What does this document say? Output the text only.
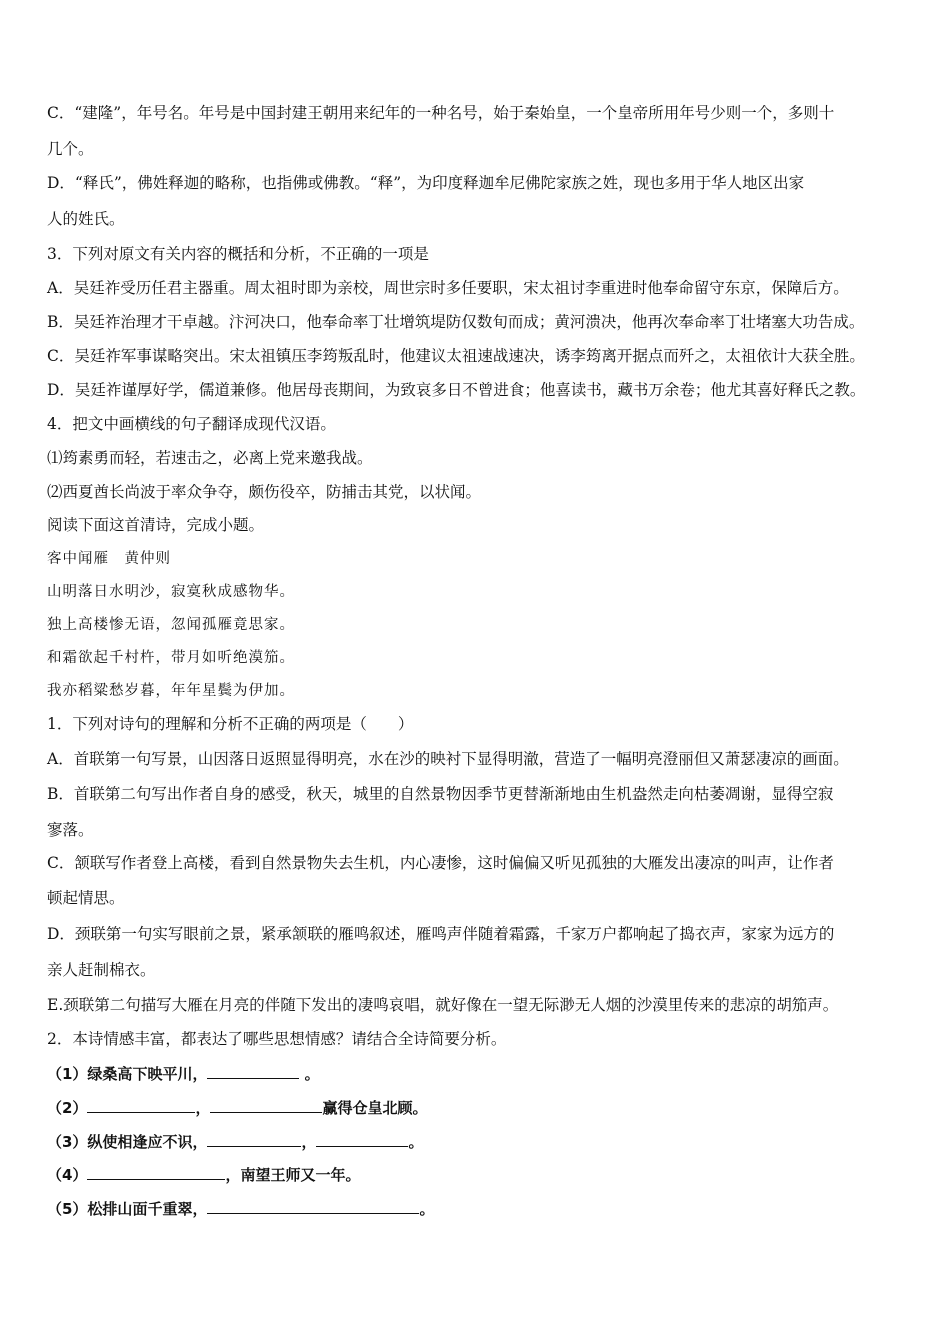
C．“建隆”，年号名。年号是中国封建王朝用来纪年的一种名号，始于秦始皇，一个皇帝所用年号少则一个，多则十
几个。
D．“释氏”，佛姓释迦的略称，也指佛或佛教。“释”，为印度释迦牟尼佛陀家族之姓，现也多用于华人地区出家
人的姓氏。
3．下列对原文有关内容的概括和分析，不正确的一项是
A．吴廷祚受历任君主器重。周太祖时即为亲校，周世宗时多任要职，宋太祖讨李重进时他奉命留守东京，保障后方。
B．吴廷祚治理才干卓越。汴河决口，他奉命率丁壮增筑堤防仅数旬而成；黄河溃决，他再次奉命率丁壮堵塞大功告成。
C．吴廷祚军事谋略突出。宋太祖镇压李筠叛乱时，他建议太祖速战速决，诱李筠离开据点而歼之，太祖依计大获全胜。
D．吴廷祚谨厚好学，儒道兼修。他居母丧期间，为致哀多日不曾进食；他喜读书，藏书万余卷；他尤其喜好释氏之教。
4．把文中画横线的句子翻译成现代汉语。
⑴筠素勇而轻，若速击之，必离上党来邀我战。
⑵西夏酋长尚波于率众争夺，颇伤役卒，防捕击其党，以状闻。
阅读下面这首清诗，完成小题。
客中闻雁　黄仲则
山明落日水明沙，寂寞秋成感物华。
独上高楼惨无语，忽闻孤雁竟思家。
和霜欲起千村杵，带月如听绝漠笳。
我亦稻粱愁岁暮，年年星鬓为伊加。
1．下列对诗句的理解和分析不正确的两项是（　　）
A．首联第一句写景，山因落日返照显得明亮，水在沙的映衬下显得明澈，营造了一幅明亮澄丽但又萧瑟凄凉的画面。
B．首联第二句写出作者自身的感受，秋天，城里的自然景物因季节更替渐渐地由生机盎然走向枯萎凋谢，显得空寂
寥落。
C．颔联写作者登上高楼，看到自然景物失去生机，内心凄惨，这时偏偏又听见孤独的大雁发出凄凉的叫声，让作者
顿起情思。
D．颈联第一句实写眼前之景，紧承颔联的雁鸣叙述，雁鸣声伴随着霜露，千家万户都响起了捣衣声，家家为远方的
亲人赶制棉衣。
E.颈联第二句描写大雁在月亮的伴随下发出的凄鸣哀唱，就好像在一望无际渺无人烟的沙漠里传来的悲凉的胡笳声。
2．本诗情感丰富，都表达了哪些思想情感？请结合全诗简要分析。
（1）绿桑高下映平川，	。
（2）	，	赢得仓皇北顾。
（3）纵使相逢应不识，	，	。
（4）	，南望王师又一年。
（5）松排山面千重翠，	。
